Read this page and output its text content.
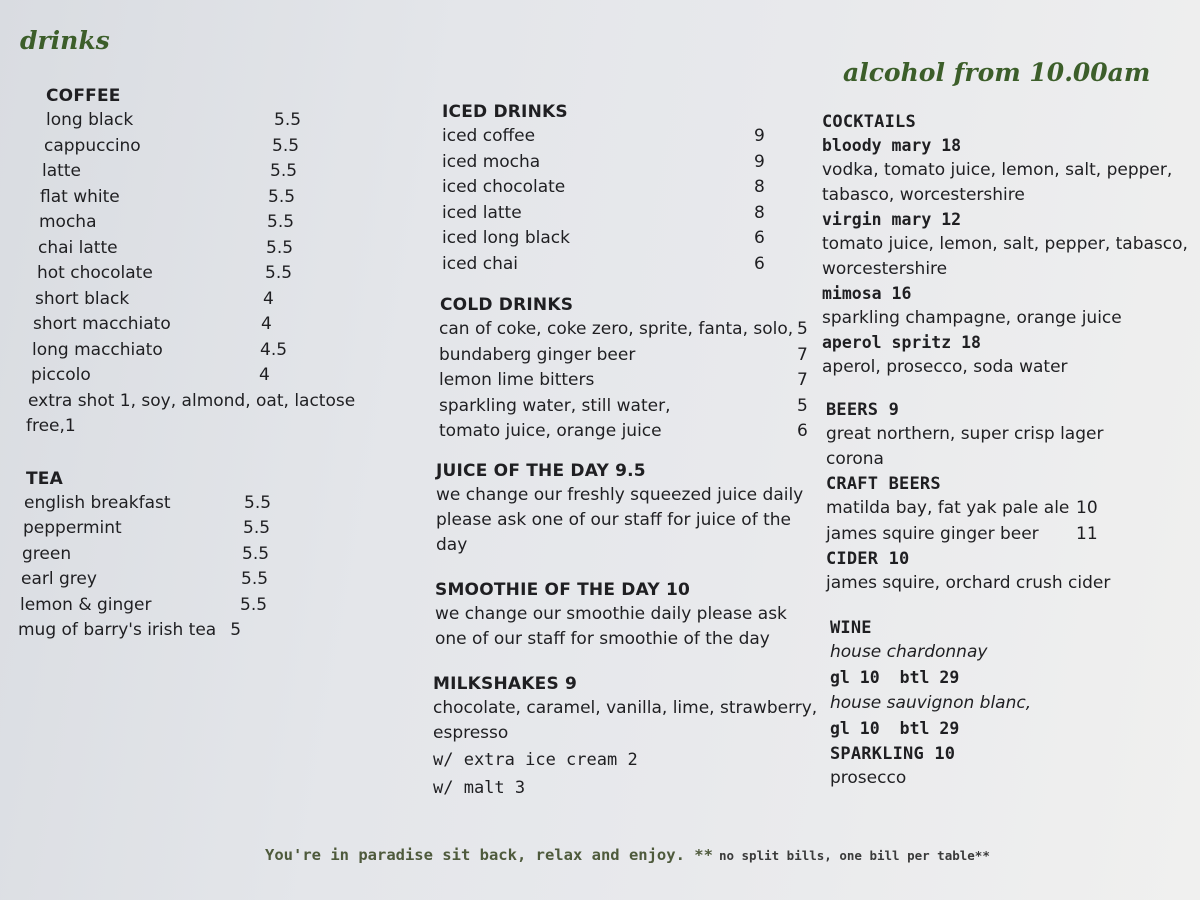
drinks
alcohol from 10.00am
COFFEE
long black	5.5
cappuccino	5.5
latte	5.5
flat white	5.5
mocha	5.5
chai latte	5.5
hot chocolate	5.5
short black	4
short macchiato	4
long macchiato	4.5
piccolo	4
extra shot 1, soy, almond, oat, lactose
free,1
TEA
english breakfast	5.5
peppermint	5.5
green	5.5
earl grey	5.5
lemon & ginger	5.5
mug of barry's irish tea 5
ICED DRINKS
iced coffee	9
iced mocha	9
iced chocolate	8
iced latte	8
iced long black	6
iced chai	6
COLD DRINKS
can of coke, coke zero, sprite, fanta, solo, 5
bundaberg ginger beer	7
lemon lime bitters	7
sparkling water, still water,	5
tomato juice, orange juice	6
JUICE OF THE DAY 9.5
we change our freshly squeezed juice daily
please ask one of our staff for juice of the
day
SMOOTHIE OF THE DAY 10
we change our smoothie daily please ask
one of our staff for smoothie of the day
MILKSHAKES 9
chocolate, caramel, vanilla, lime, strawberry,
espresso
w/ extra ice cream 2
w/ malt 3
COCKTAILS
bloody mary 18
vodka, tomato juice, lemon, salt, pepper,
tabasco, worcestershire
virgin mary 12
tomato juice, lemon, salt, pepper, tabasco,
worcestershire
mimosa 16
sparkling champagne, orange juice
aperol spritz 18
aperol, prosecco, soda water
BEERS 9
great northern, super crisp lager
corona
CRAFT BEERS
matilda bay, fat yak pale ale 10
james squire ginger beer	11
CIDER 10
james squire, orchard crush cider
WINE
house chardonnay
gl 10 btl 29
house sauvignon blanc,
gl 10 btl 29
SPARKLING 10
prosecco
You're in paradise sit back, relax and enjoy. ** no split bills, one bill per table**
